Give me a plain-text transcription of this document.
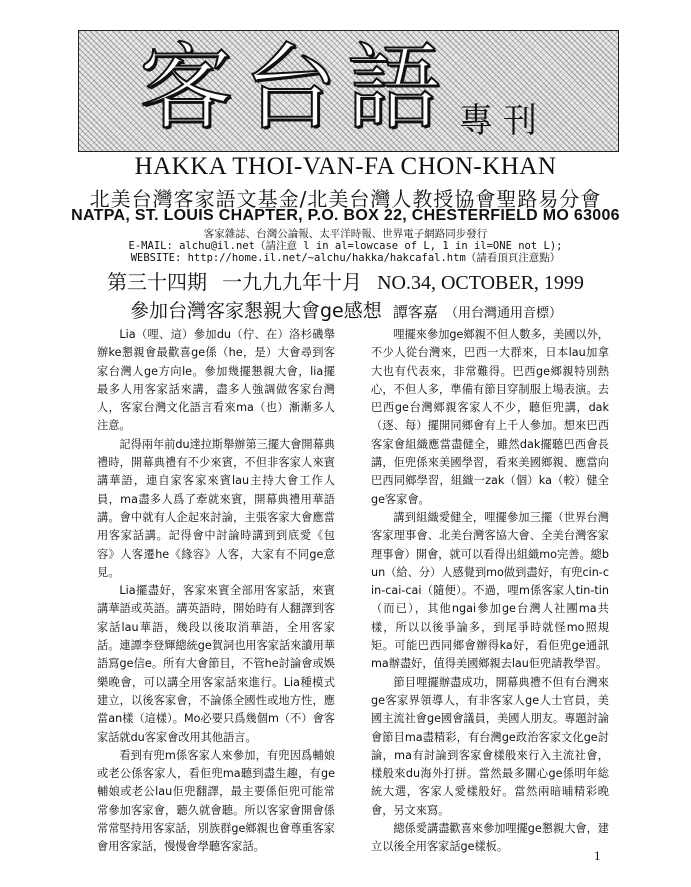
客台語 專刊
HAKKA THOI-VAN-FA CHON-KHAN
北美台灣客家語文基金/北美台灣人教授協會聖路易分會
NATPA, ST. LOUIS CHAPTER, P.O. BOX 22, CHESTERFIELD MO 63006
客家雜誌、台灣公論報、太平洋時報、世界電子網路同步發行
E-MAIL: alchu@il.net（請注意 l in al=lowcase of L, 1 in il=ONE not L);
WEBSITE: http://home.il.net/~alchu/hakka/hakcafal.htm（請看頂頁注意點）
第三十四期 一九九九年十月 NO.34, OCTOBER, 1999
參加台灣客家懇親大會ge感想 譚客嘉 （用台灣通用音標）

Lia（哩、這）參加du（佇、在）洛杉磯舉辦ke懇親會最歡喜ge係（he，是）大會尋到客家台灣人ge方向le。參加幾擺懇親大會，lia擺最多人用客家話來講，盡多人強調做客家台灣人，客家台灣文化語言看來ma（也）漸漸多人注意。

記得兩年前du達拉斯舉辦第三擺大會開幕典禮時，開幕典禮有不少來賓，不但非客家人來賓講華語，連自家客家來賓lau主持大會工作人員，ma盡多人爲了牽就來賓，開幕典禮用華語講。會中就有人企起來討論，主張客家大會應當用客家話講。記得會中討論時講到到底愛《包容》人客遷he《緣容》人客，大家有不同ge意見。

Lia擺盡好，客家來賓全部用客家話，來賓講華語或英語。講英語時，開始時有人翻譯到客家話lau華語，幾段以後取消華語，全用客家話。連譚李登輝總統ge賀詞也用客家話來讀用華語寫ge信e。所有大會節目，不管he討論會或娛樂晚會，可以講全用客家話來進行。Lia種模式建立，以後客家會，不論係全國性或地方性，應當an樣（這樣）。Mo必要只爲幾個m（不）會客家話就du客家會改用其他語言。

看到有兜m係客家人來參加，有兜因爲輔娘或老公係客家人，看佢兜ma聽到盡生趣，有ge輔娘或老公lau佢兜翻譯，最主要係佢兜可能常常參加客家會，聽久就會聽。所以客家會開會係常常堅持用客家話，別族群ge鄉親也會尊重客家會用客家話，慢慢會學聽客家話。

哩擺來參加ge鄉親不但人數多，美國以外，不少人從台灣來，巴西一大群來，日本lau加拿大也有代表來，非常難得。巴西ge鄉親特別熱心，不但人多，準備有節目穿制服上場表演。去巴西ge台灣鄉親客家人不少，聽佢兜講，dak（逐、每）擺開同鄉會有上千人參加。想來巴西客家會組織應當盡健全，雖然dak擺聽巴西會長講，佢兜係來美國學習，看來美國鄉親、應當向巴西同鄉學習，組織一zak（個）ka（較）健全ge客家會。

講到組織愛健全，哩擺參加三擺（世界台灣客家理事會、北美台灣客協大會、全美台灣客家理事會）開會，就可以看得出組織mo完善。總bun（給、分）人感覺到mo做到盡好，有兜cin-cin-cai-cai（隨便）。不過，哩m係客家人tin-tin（而已），其他ngai參加ge台灣人社團ma共樣，所以以後爭論多，到尾爭時就怪mo照規矩。可能巴西同鄉會辦得ka好，看佢兜ge通訊ma辦盡好，值得美國鄉親去lau佢兜請教學習。

節目哩擺辦盡成功，開幕典禮不但有台灣來ge客家界領導人，有非客家人ge人士官員，美國主流社會ge國會議員，美國人朋友。專題討論會節目ma盡精彩，有台灣ge政治客家文化ge討論，ma有討論到客家會樣般來行入主流社會，樣般來du海外打拼。當然最多關心ge係明年総統大選，客家人愛樣般好。當然兩暗晡精彩晚會，另文來寫。

總係愛講盡歡喜來參加哩擺ge懇親大會，建立以後全用客家話ge樣板。

1
